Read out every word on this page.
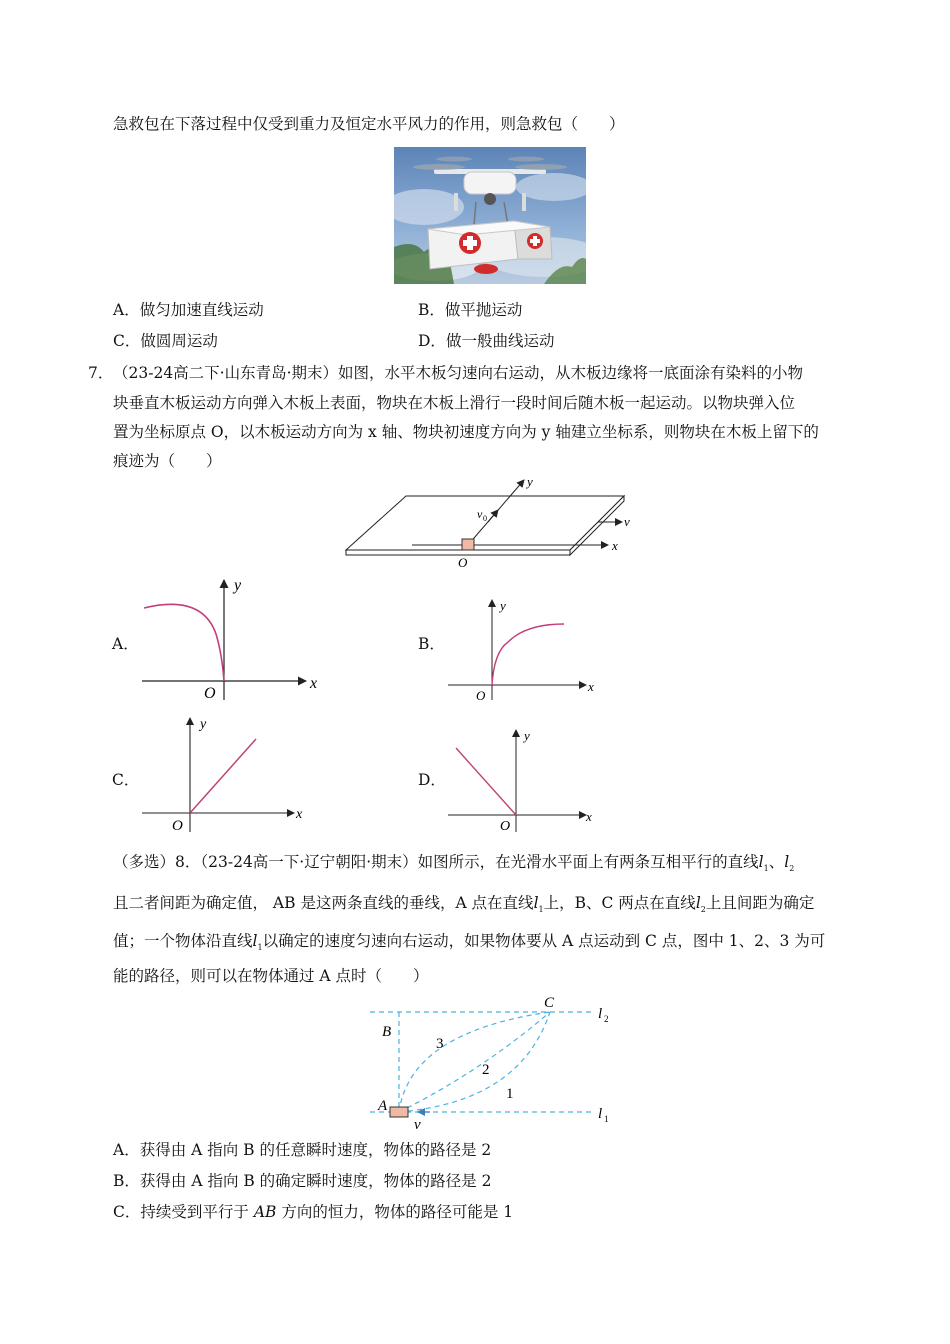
急救包在下落过程中仅受到重力及恒定水平风力的作用，则急救包（　　）
A．做匀加速直线运动	B．做平抛运动
C．做圆周运动	D．做一般曲线运动
7． （23-24高二下·山东青岛·期末）如图，水平木板匀速向右运动，从木板边缘将一底面涂有染料的小物
块垂直木板运动方向弹入木板上表面，物块在木板上滑行一段时间后随木板一起运动。以物块弹入位
置为坐标原点 O，以木板运动方向为 x 轴、物块初速度方向为 y 轴建立坐标系，则物块在木板上留下的
痕迹为（　　）
y
v 0	v
x
O
A．
y
x
O
B．
y
x
O
C．
y
x
O
D．
y
x
O
（多选）8．（23-24高一下·辽宁朝阳·期末）如图所示，在光滑水平面上有两条互相平行的直线$l_1$、$l_2$
且二者间距为确定值， AB 是这两条直线的垂线，A 点在直线$l_1$上，B、C 两点在直线$l_2$上且间距为确定
值；一个物体沿直线$l_1$以确定的速度匀速向右运动，如果物体要从 A 点运动到 C 点，图中 1、2、3 为可
能的路径，则可以在物体通过 A 点时（　　）
B
C
A
v
l 2
l 1
3
2
1
A．获得由 A 指向 B 的任意瞬时速度，物体的路径是 2
B．获得由 A 指向 B 的确定瞬时速度，物体的路径是 2
C．持续受到平行于 AB 方向的恒力，物体的路径可能是 1
